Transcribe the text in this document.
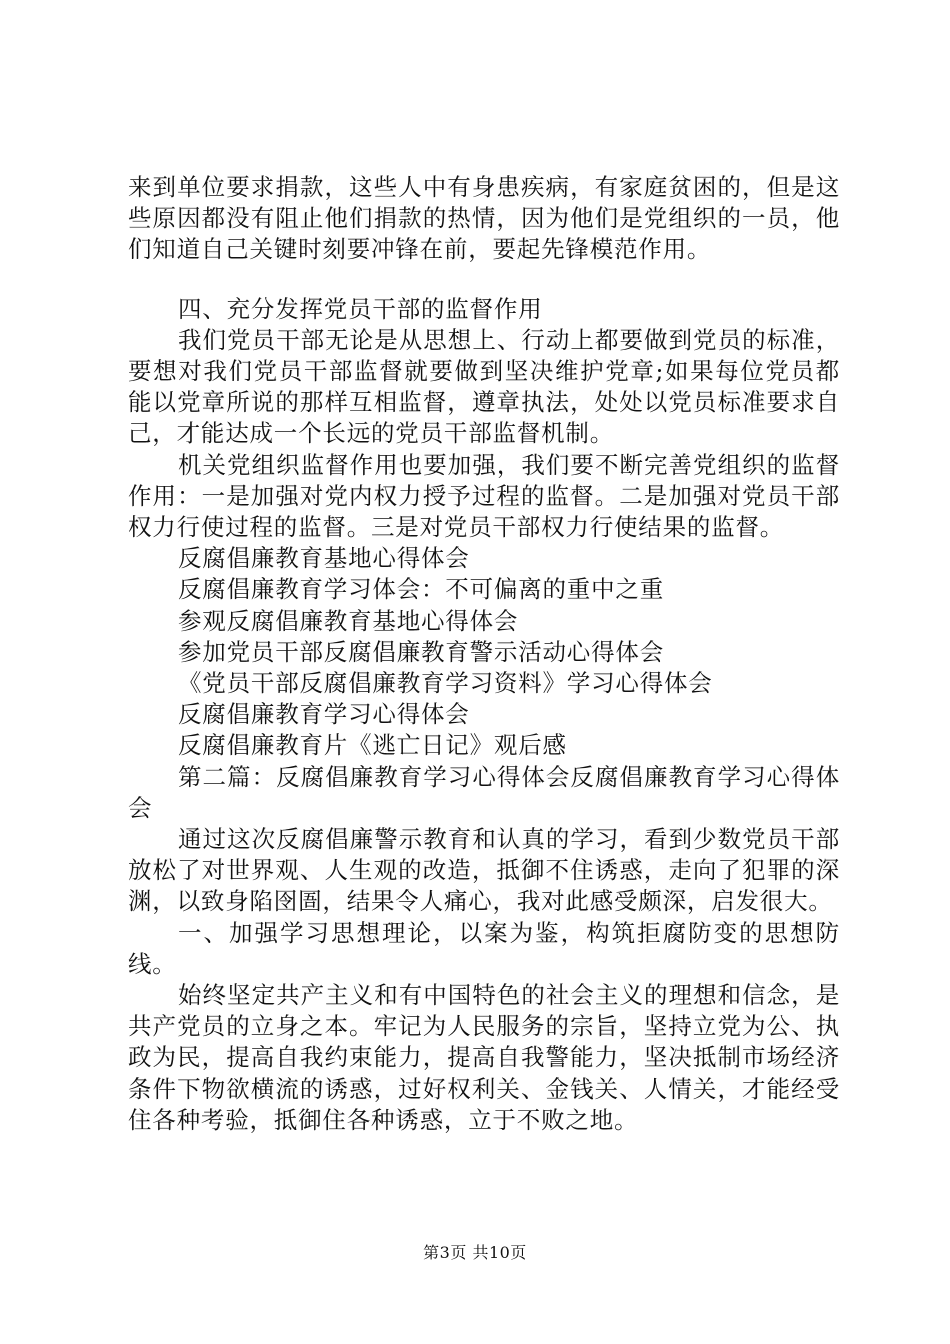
来到单位要求捐款，这些人中有身患疾病，有家庭贫困的，但是这些原因都没有阻止他们捐款的热情，因为他们是党组织的一员，他们知道自己关键时刻要冲锋在前，要起先锋模范作用。

四、充分发挥党员干部的监督作用

我们党员干部无论是从思想上、行动上都要做到党员的标准，要想对我们党员干部监督就要做到坚决维护党章;如果每位党员都能以党章所说的那样互相监督，遵章执法，处处以党员标准要求自己，才能达成一个长远的党员干部监督机制。

机关党组织监督作用也要加强，我们要不断完善党组织的监督作用：一是加强对党内权力授予过程的监督。二是加强对党员干部权力行使过程的监督。三是对党员干部权力行使结果的监督。

反腐倡廉教育基地心得体会

反腐倡廉教育学习体会：不可偏离的重中之重

参观反腐倡廉教育基地心得体会

参加党员干部反腐倡廉教育警示活动心得体会

《党员干部反腐倡廉教育学习资料》学习心得体会

反腐倡廉教育学习心得体会

反腐倡廉教育片《逃亡日记》观后感

第二篇：反腐倡廉教育学习心得体会反腐倡廉教育学习心得体会

通过这次反腐倡廉警示教育和认真的学习，看到少数党员干部放松了对世界观、人生观的改造，抵御不住诱惑，走向了犯罪的深渊，以致身陷囹圄，结果令人痛心，我对此感受颇深，启发很大。

一、加强学习思想理论，以案为鉴，构筑拒腐防变的思想防线。

始终坚定共产主义和有中国特色的社会主义的理想和信念，是共产党员的立身之本。牢记为人民服务的宗旨，坚持立党为公、执政为民，提高自我约束能力，提高自我警能力，坚决抵制市场经济条件下物欲横流的诱惑，过好权利关、金钱关、人情关，才能经受住各种考验，抵御住各种诱惑，立于不败之地。

第3页 共10页
